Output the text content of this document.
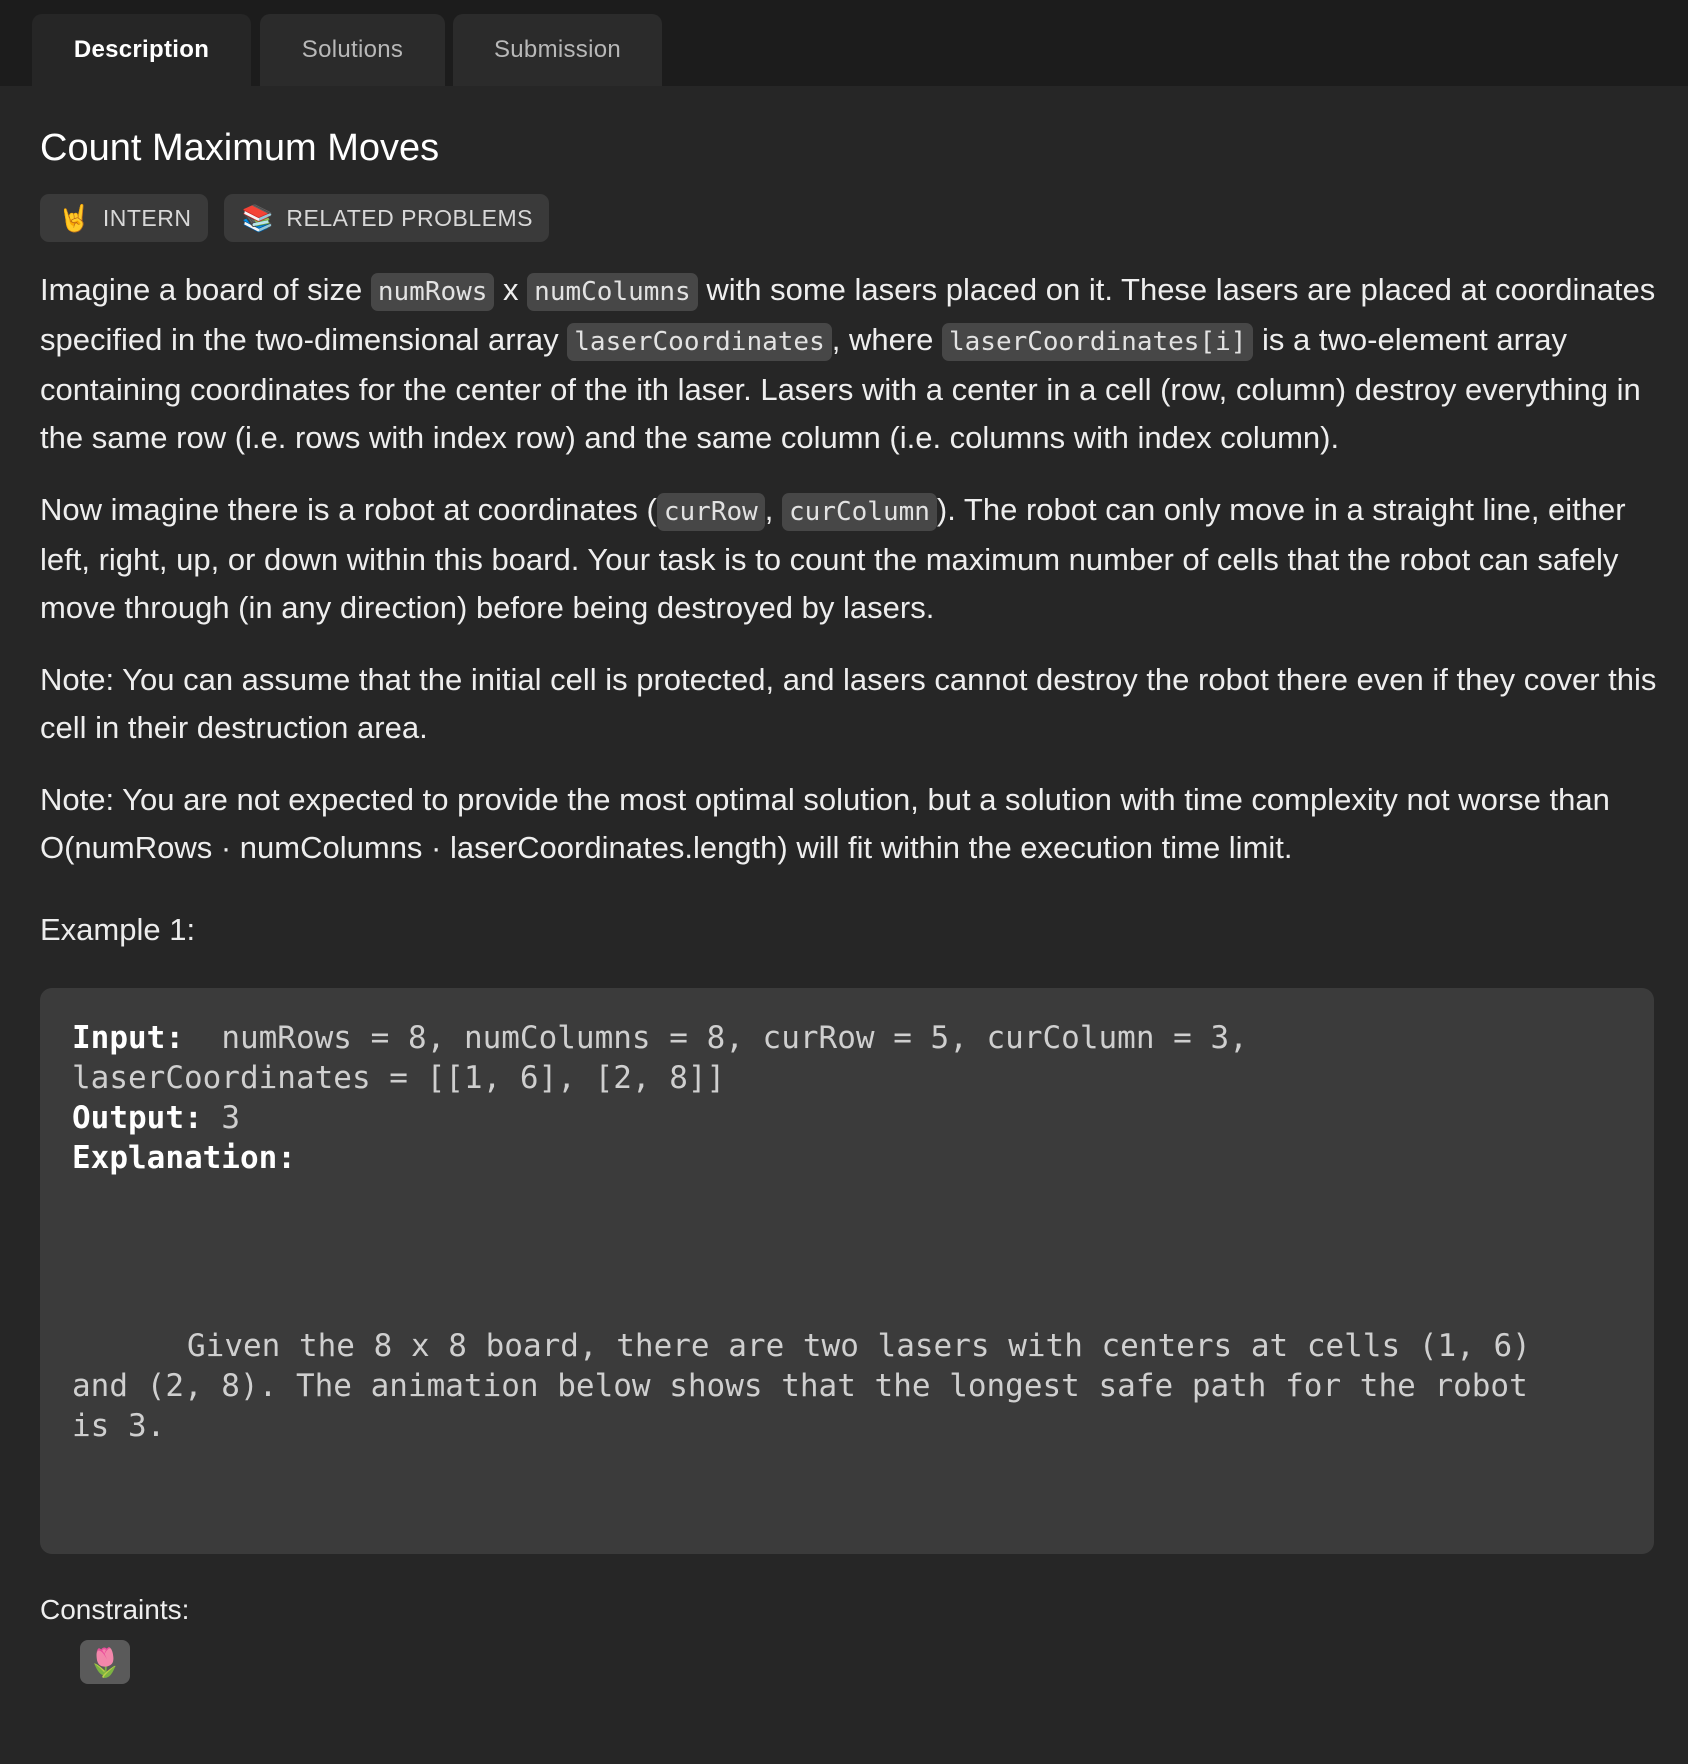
Description	Solutions	Submission
Count Maximum Moves
🤘 INTERN 📚 RELATED PROBLEMS

Imagine a board of size numRows x numColumns with some lasers placed on it. These lasers are placed at coordinates specified in the two-dimensional array laserCoordinates , where laserCoordinates[i] is a two-element array containing coordinates for the center of the ith laser. Lasers with a center in a cell (row, column) destroy everything in the same row (i.e. rows with index row) and the same column (i.e. columns with index column).

Now imagine there is a robot at coordinates ( curRow , curColumn ). The robot can only move in a straight line, either left, right, up, or down within this board. Your task is to count the maximum number of cells that the robot can safely move through (in any direction) before being destroyed by lasers.

Note: You can assume that the initial cell is protected, and lasers cannot destroy the robot there even if they cover this cell in their destruction area.

Note: You are not expected to provide the most optimal solution, but a solution with time complexity not worse than O(numRows · numColumns · laserCoordinates.length) will fit within the execution time limit.

Example 1:
Input: numRows = 8, numColumns = 8, curRow = 5, curColumn = 3,
laserCoordinates = [[1, 6], [2, 8]]
Output: 3
Explanation:
Given the 8 x 8 board, there are two lasers with centers at cells (1, 6)
and (2, 8). The animation below shows that the longest safe path for the robot
is 3.
Constraints:
🌷
